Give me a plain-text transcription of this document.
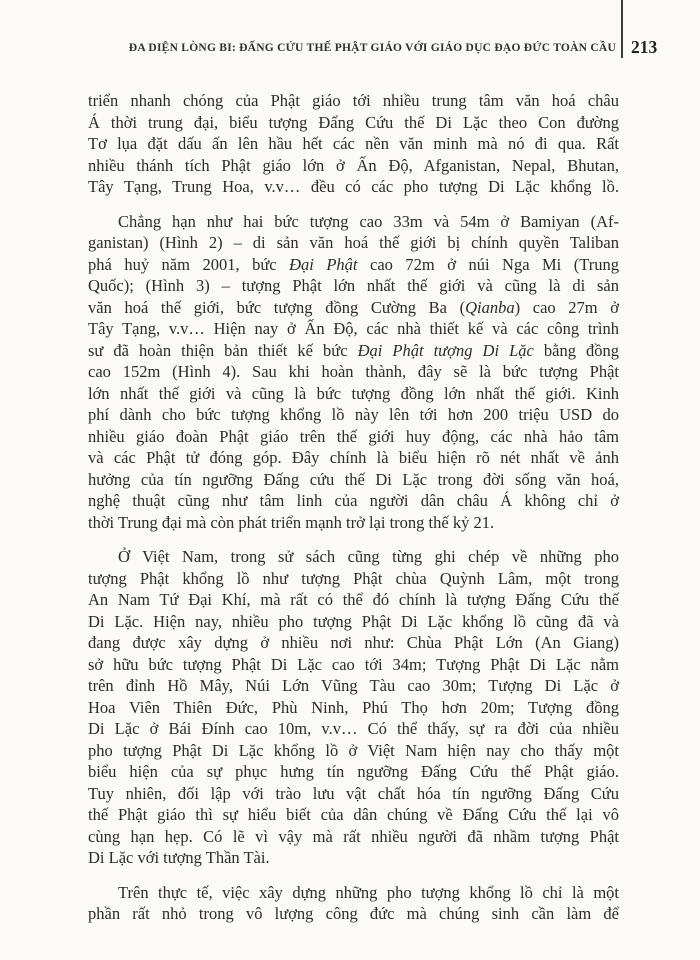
ĐA DIỆN LÒNG BI: ĐẤNG CỨU THẾ PHẬT GIÁO VỚI GIÁO DỤC ĐẠO ĐỨC TOÀN CẦU 213
triển nhanh chóng của Phật giáo tới nhiều trung tâm văn hoá châu
Á thời trung đại, biểu tượng Đấng Cứu thế Di Lặc theo Con đường
Tơ lụa đặt dấu ấn lên hầu hết các nền văn minh mà nó đi qua. Rất
nhiều thánh tích Phật giáo lớn ở Ấn Độ, Afganistan, Nepal, Bhutan,
Tây Tạng, Trung Hoa, v.v… đều có các pho tượng Di Lặc khổng lồ.
Chẳng hạn như hai bức tượng cao 33m và 54m ở Bamiyan (Af-
ganistan) (Hình 2) – di sản văn hoá thế giới bị chính quyền Taliban
phá huỷ năm 2001, bức Đại Phật cao 72m ở núi Nga Mi (Trung
Quốc); (Hình 3) – tượng Phật lớn nhất thế giới và cũng là di sản
văn hoá thế giới, bức tượng đồng Cường Ba (Qianba) cao 27m ở
Tây Tạng, v.v… Hiện nay ở Ấn Độ, các nhà thiết kế và các công trình
sư đã hoàn thiện bản thiết kế bức Đại Phật tượng Di Lặc bằng đồng
cao 152m (Hình 4). Sau khi hoàn thành, đây sẽ là bức tượng Phật
lớn nhất thế giới và cũng là bức tượng đồng lớn nhất thế giới. Kinh
phí dành cho bức tượng khổng lồ này lên tới hơn 200 triệu USD do
nhiều giáo đoàn Phật giáo trên thế giới huy động, các nhà hảo tâm
và các Phật tử đóng góp. Đây chính là biểu hiện rõ nét nhất về ảnh
hưởng của tín ngưỡng Đấng cứu thế Di Lặc trong đời sống văn hoá,
nghệ thuật cũng như tâm linh của người dân châu Á không chỉ ở
thời Trung đại mà còn phát triển mạnh trở lại trong thế kỷ 21.
Ở Việt Nam, trong sử sách cũng từng ghi chép về những pho
tượng Phật khổng lồ như tượng Phật chùa Quỳnh Lâm, một trong
An Nam Tứ Đại Khí, mà rất có thể đó chính là tượng Đấng Cứu thế
Di Lặc. Hiện nay, nhiều pho tượng Phật Di Lặc khổng lồ cũng đã và
đang được xây dựng ở nhiều nơi như: Chùa Phật Lớn (An Giang)
sở hữu bức tượng Phật Di Lặc cao tới 34m; Tượng Phật Di Lặc nằm
trên đỉnh Hồ Mây, Núi Lớn Vũng Tàu cao 30m; Tượng Di Lặc ở
Hoa Viên Thiên Đức, Phù Ninh, Phú Thọ hơn 20m; Tượng đồng
Di Lặc ở Bái Đính cao 10m, v.v… Có thể thấy, sự ra đời của nhiều
pho tượng Phật Di Lặc khổng lồ ở Việt Nam hiện nay cho thấy một
biểu hiện của sự phục hưng tín ngưỡng Đấng Cứu thế Phật giáo.
Tuy nhiên, đối lập với trào lưu vật chất hóa tín ngưỡng Đấng Cứu
thế Phật giáo thì sự hiểu biết của dân chúng về Đấng Cứu thế lại vô
cùng hạn hẹp. Có lẽ vì vậy mà rất nhiều người đã nhầm tượng Phật
Di Lặc với tượng Thần Tài.
Trên thực tế, việc xây dựng những pho tượng khổng lồ chỉ là một
phần rất nhỏ trong vô lượng công đức mà chúng sinh cần làm để
